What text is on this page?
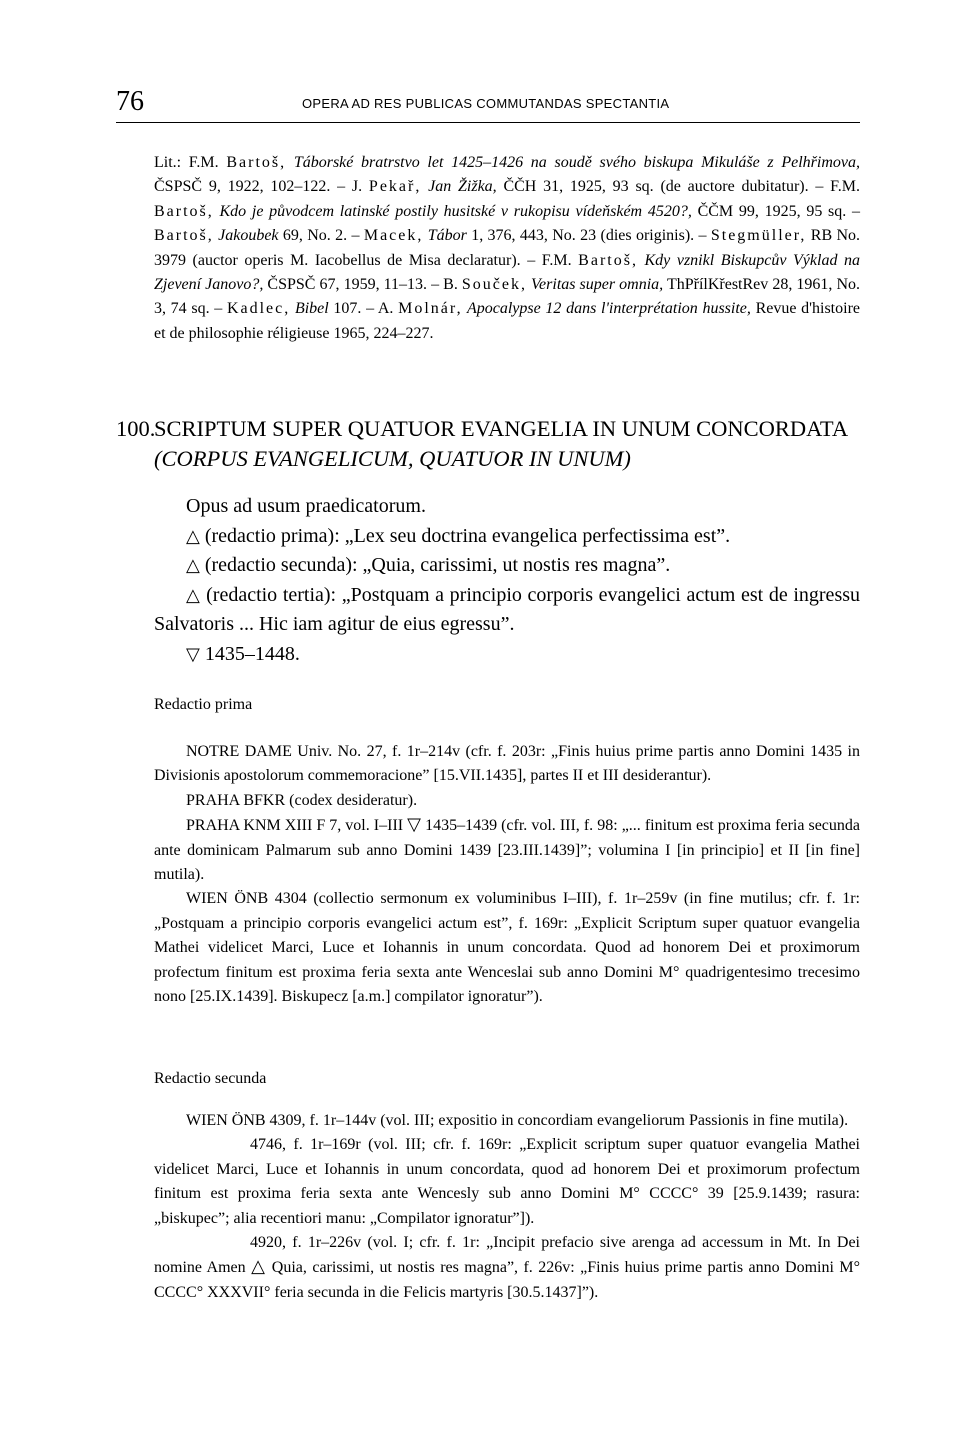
76	OPERA AD RES PUBLICAS COMMUTANDAS SPECTANTIA
Lit.: F.M. Bartoš, Táborské bratrstvo let 1425–1426 na soudě svého biskupa Mikuláše z Pelhřimova, ČSPSČ 9, 1922, 102–122. – J. Pekař, Jan Žižka, ČČH 31, 1925, 93 sq. (de auctore dubitatur). – F.M. Bartoš, Kdo je původcem latinské postily husitské v rukopisu vídeňském 4520?, ČČM 99, 1925, 95 sq. – Bartoš, Jakoubek 69, No. 2. – Macek, Tábor 1, 376, 443, No. 23 (dies originis). – Stegmüller, RB No. 3979 (auctor operis M. Iacobellus de Misa declaratur). – F.M. Bartoš, Kdy vznikl Biskupcův Výklad na Zjevení Janovo?, ČSPSČ 67, 1959, 11–13. – B. Souček, Veritas super omnia, ThPřílKřestRev 28, 1961, No. 3, 74 sq. – Kadlec, Bibel 107. – A. Molnár, Apocalypse 12 dans l'interprétation hussite, Revue d'histoire et de philosophie réligieuse 1965, 224–227.
100.
SCRIPTUM SUPER QUATUOR EVANGELIA IN UNUM CONCORDATA
(CORPUS EVANGELICUM, QUATUOR IN UNUM)

Opus ad usum praedicatorum.

△ (redactio prima): „Lex seu doctrina evangelica perfectissima est”.

△ (redactio secunda): „Quia, carissimi, ut nostis res magna”.

△ (redactio tertia): „Postquam a principio corporis evangelici actum est de ingressu Salvatoris ... Hic iam agitur de eius egressu”.

▽ 1435–1448.

Redactio prima

NOTRE DAME Univ. No. 27, f. 1r–214v (cfr. f. 203r: „Finis huius prime partis anno Domini 1435 in Divisionis apostolorum commemoracione” [15.VII.1435], partes II et III desiderantur).

PRAHA BFKR (codex desideratur).

PRAHA KNM XIII F 7, vol. I–III ▽ 1435–1439 (cfr. vol. III, f. 98: „... finitum est proxima feria secunda ante dominicam Palmarum sub anno Domini 1439 [23.III.1439]”; volumina I [in principio] et II [in fine] mutila).

WIEN ÖNB 4304 (collectio sermonum ex voluminibus I–III), f. 1r–259v (in fine mutilus; cfr. f. 1r: „Postquam a principio corporis evangelici actum est”, f. 169r: „Explicit Scriptum super quatuor evangelia Mathei videlicet Marci, Luce et Iohannis in unum concordata. Quod ad honorem Dei et proximorum profectum finitum est proxima feria sexta ante Wenceslai sub anno Domini M° quadrigentesimo trecesimo nono [25.IX.1439]. Biskupecz [a.m.] compilator ignoratur”).

Redactio secunda

WIEN ÖNB 4309, f. 1r–144v (vol. III; expositio in concordiam evangeliorum Passionis in fine mutila).

4746, f. 1r–169r (vol. III; cfr. f. 169r: „Explicit scriptum super quatuor evangelia Mathei videlicet Marci, Luce et Iohannis in unum concordata, quod ad honorem Dei et proximorum profectum finitum est proxima feria sexta ante Wencesly sub anno Domini M° CCCC° 39 [25.9.1439; rasura: „biskupec”; alia recentiori manu: „Compilator ignoratur”]).

4920, f. 1r–226v (vol. I; cfr. f. 1r: „Incipit prefacio sive arenga ad accessum in Mt. In Dei nomine Amen △ Quia, carissimi, ut nostis res magna”, f. 226v: „Finis huius prime partis anno Domini M° CCCC° XXXVII° feria secunda in die Felicis martyris [30.5.1437]”).
